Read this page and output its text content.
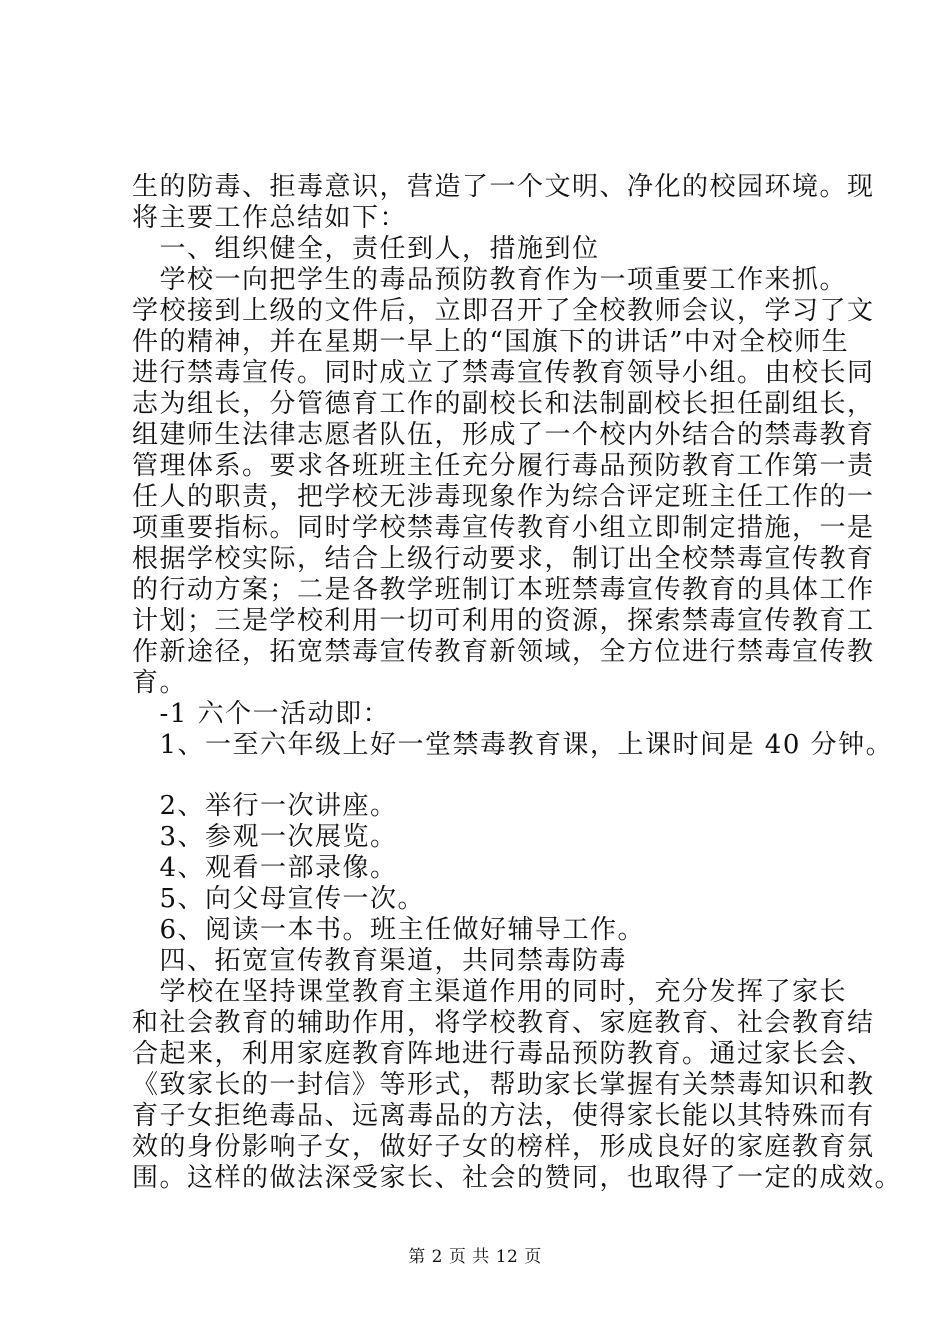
生的防毒、拒毒意识，营造了一个文明、净化的校园环境。现
将主要工作总结如下：
　一、组织健全，责任到人，措施到位
　学校一向把学生的毒品预防教育作为一项重要工作来抓。
学校接到上级的文件后，立即召开了全校教师会议，学习了文
件的精神，并在星期一早上的“国旗下的讲话”中对全校师生
进行禁毒宣传。同时成立了禁毒宣传教育领导小组。由校长同
志为组长，分管德育工作的副校长和法制副校长担任副组长，
组建师生法律志愿者队伍，形成了一个校内外结合的禁毒教育
管理体系。要求各班班主任充分履行毒品预防教育工作第一责
任人的职责，把学校无涉毒现象作为综合评定班主任工作的一
项重要指标。同时学校禁毒宣传教育小组立即制定措施，一是
根据学校实际，结合上级行动要求，制订出全校禁毒宣传教育
的行动方案；二是各教学班制订本班禁毒宣传教育的具体工作
计划；三是学校利用一切可利用的资源，探索禁毒宣传教育工
作新途径，拓宽禁毒宣传教育新领域，全方位进行禁毒宣传教
育。
　-1 六个一活动即：
　1、一至六年级上好一堂禁毒教育课，上课时间是 40 分钟。
　2、举行一次讲座。
　3、参观一次展览。
　4、观看一部录像。
　5、向父母宣传一次。
　6、阅读一本书。班主任做好辅导工作。
　四、拓宽宣传教育渠道，共同禁毒防毒
　学校在坚持课堂教育主渠道作用的同时，充分发挥了家长
和社会教育的辅助作用，将学校教育、家庭教育、社会教育结
合起来，利用家庭教育阵地进行毒品预防教育。通过家长会、
《致家长的一封信》等形式，帮助家长掌握有关禁毒知识和教
育子女拒绝毒品、远离毒品的方法，使得家长能以其特殊而有
效的身份影响子女，做好子女的榜样，形成良好的家庭教育氛
围。这样的做法深受家长、社会的赞同，也取得了一定的成效。
第 2 页 共 12 页
